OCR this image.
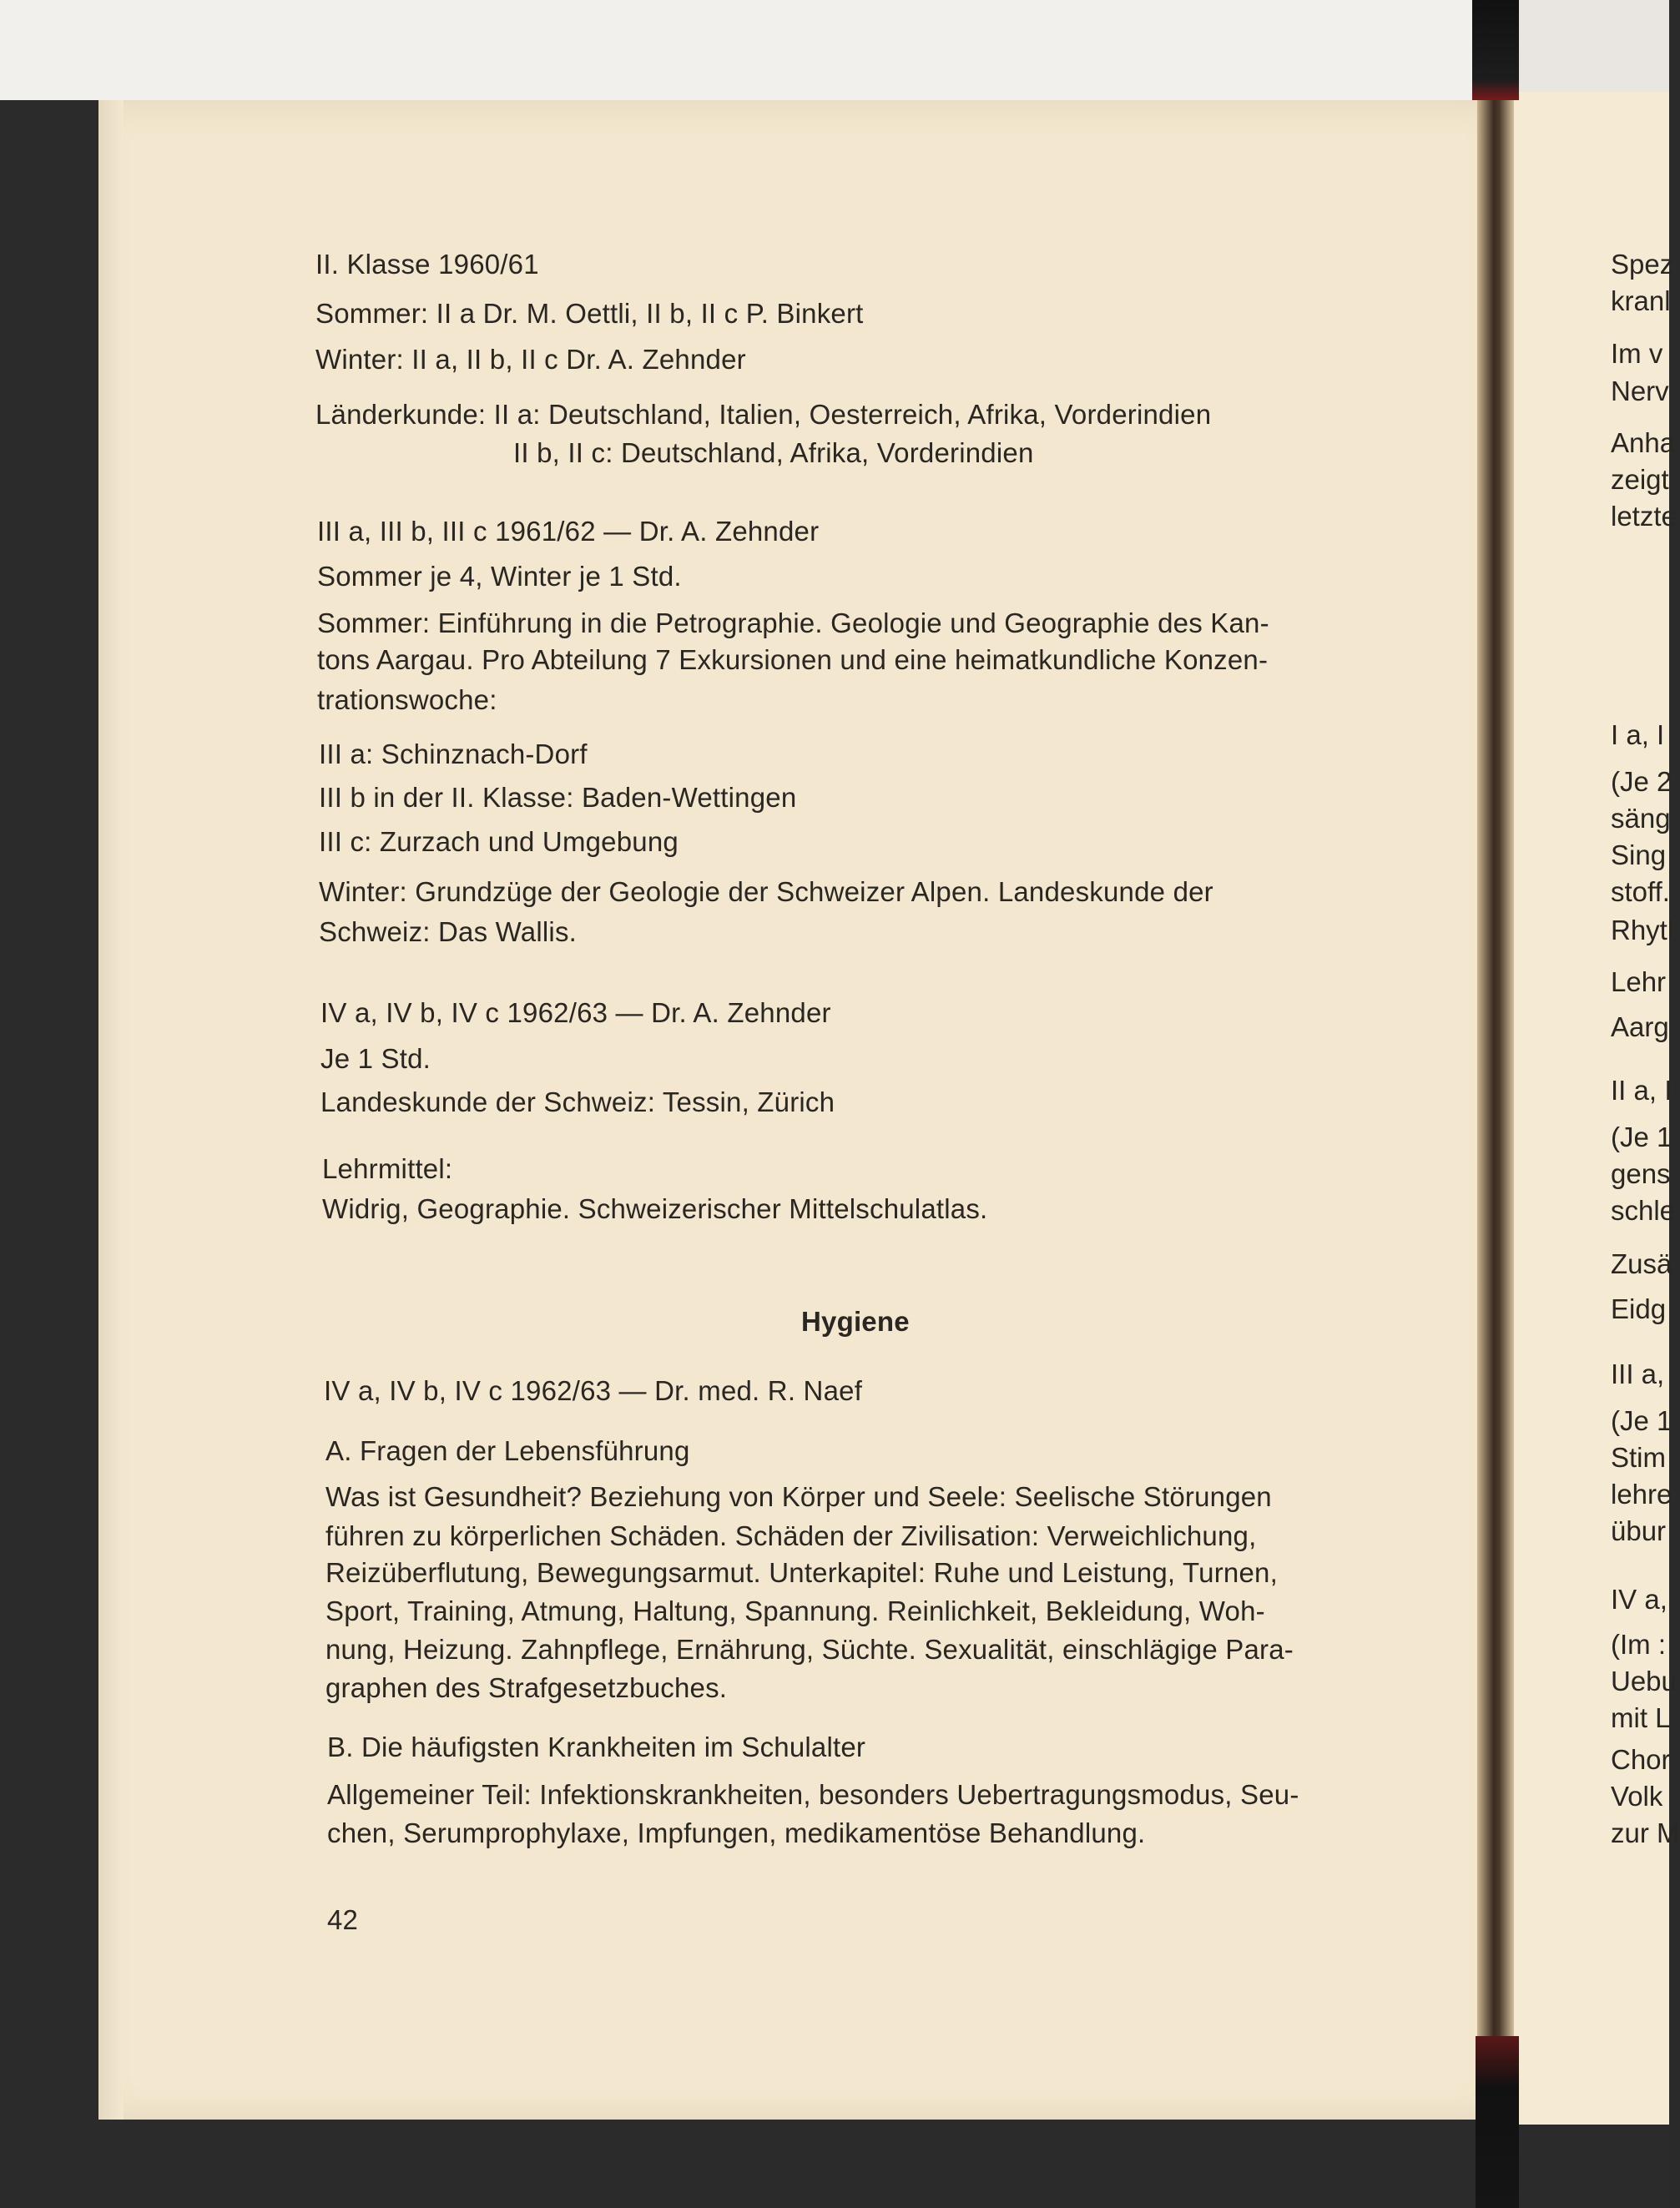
II. Klasse 1960/61
Sommer: II a Dr. M. Oettli, II b, II c P. Binkert
Winter: II a, II b, II c Dr. A. Zehnder
Länderkunde: II a: Deutschland, Italien, Oesterreich, Afrika, Vorderindien
II b, II c: Deutschland, Afrika, Vorderindien
III a, III b, III c 1961/62 — Dr. A. Zehnder
Sommer je 4, Winter je 1 Std.
Sommer: Einführung in die Petrographie. Geologie und Geographie des Kan-
tons Aargau. Pro Abteilung 7 Exkursionen und eine heimatkundliche Konzen-
trationswoche:
III a: Schinznach-Dorf
III b in der II. Klasse: Baden-Wettingen
III c: Zurzach und Umgebung
Winter: Grundzüge der Geologie der Schweizer Alpen. Landeskunde der
Schweiz: Das Wallis.
IV a, IV b, IV c 1962/63 — Dr. A. Zehnder
Je 1 Std.
Landeskunde der Schweiz: Tessin, Zürich
Lehrmittel:
Widrig, Geographie. Schweizerischer Mittelschulatlas.
Hygiene
IV a, IV b, IV c 1962/63 — Dr. med. R. Naef
A. Fragen der Lebensführung
Was ist Gesundheit? Beziehung von Körper und Seele: Seelische Störungen
führen zu körperlichen Schäden. Schäden der Zivilisation: Verweichlichung,
Reizüberflutung, Bewegungsarmut. Unterkapitel: Ruhe und Leistung, Turnen,
Sport, Training, Atmung, Haltung, Spannung. Reinlichkeit, Bekleidung, Woh-
nung, Heizung. Zahnpflege, Ernährung, Süchte. Sexualität, einschlägige Para-
graphen des Strafgesetzbuches.
B. Die häufigsten Krankheiten im Schulalter
Allgemeiner Teil: Infektionskrankheiten, besonders Uebertragungsmodus, Seu-
chen, Serumprophylaxe, Impfungen, medikamentöse Behandlung.
42
Spez
kranl
Im v
Nerv
Anha
zeigt
letzte
I a, I
(Je 2
säng
Sing
stoff.
Rhytl
Lehr
Aarg
II a, I
(Je 1
gens
schle
Zusä
Eidg
III a,
(Je 1
Stim
lehre
übur
IV a,
(Im :
Uebu
mit L
Chor
Volk
zur M
